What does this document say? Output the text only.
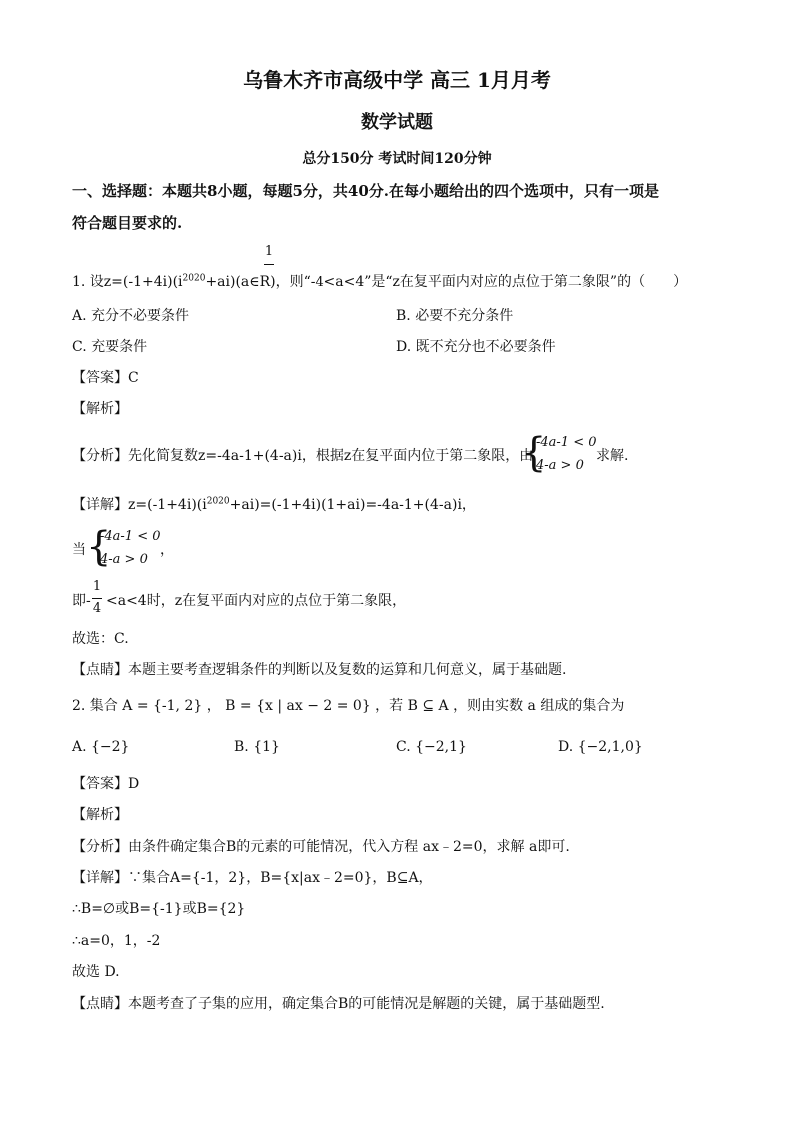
乌鲁木齐市高级中学 高三 1月月考
数学试题
总分150分 考试时间120分钟
一、选择题：本题共8小题，每题5分，共40分.在每小题给出的四个选项中，只有一项是
符合题目要求的.
1
1. 设$z=(-1+4i)(i^{2020}+ai)(a\in R)$，则“-4<a<4”是“z在复平面内对应的点位于第二象限”的（　　）
A. 充分不必要条件	B. 必要不充分条件
C. 充要条件	D. 既不充分也不必要条件
【答案】C
【解析】
【分析】先化简复数z=-4a-1+(4-a)i，根据z在复平面内位于第二象限，由
{
-4a-1 < 0
4-a > 0
求解.
【详解】$z=(-1+4i)(i^{2020}+ai)=(-1+4i)(1+ai)=-4a-1+(4-a)i$，
当 {
-4a-1 < 0
4-a > 0
，
1
4
即- <a<4时，z在复平面内对应的点位于第二象限，
故选：C.
【点睛】本题主要考查逻辑条件的判断以及复数的运算和几何意义，属于基础题.
2. 集合 A = {-1, 2} ， B = {x | ax − 2 = 0} ，若 B ⊆ A ，则由实数 a 组成的集合为
A. {−2}	B. {1}	C. {−2,1}	D. {−2,1,0}
【答案】D
【解析】
【分析】由条件确定集合B的元素的可能情况，代入方程 ax﹣2=0，求解 a即可.
【详解】∵集合A={-1，2}，B={x|ax﹣2=0}，B⊆A，
∴B=∅或B={-1}或B={2}
∴a=0，1，-2
故选 D.
【点睛】本题考查了子集的应用，确定集合B的可能情况是解题的关键，属于基础题型.
